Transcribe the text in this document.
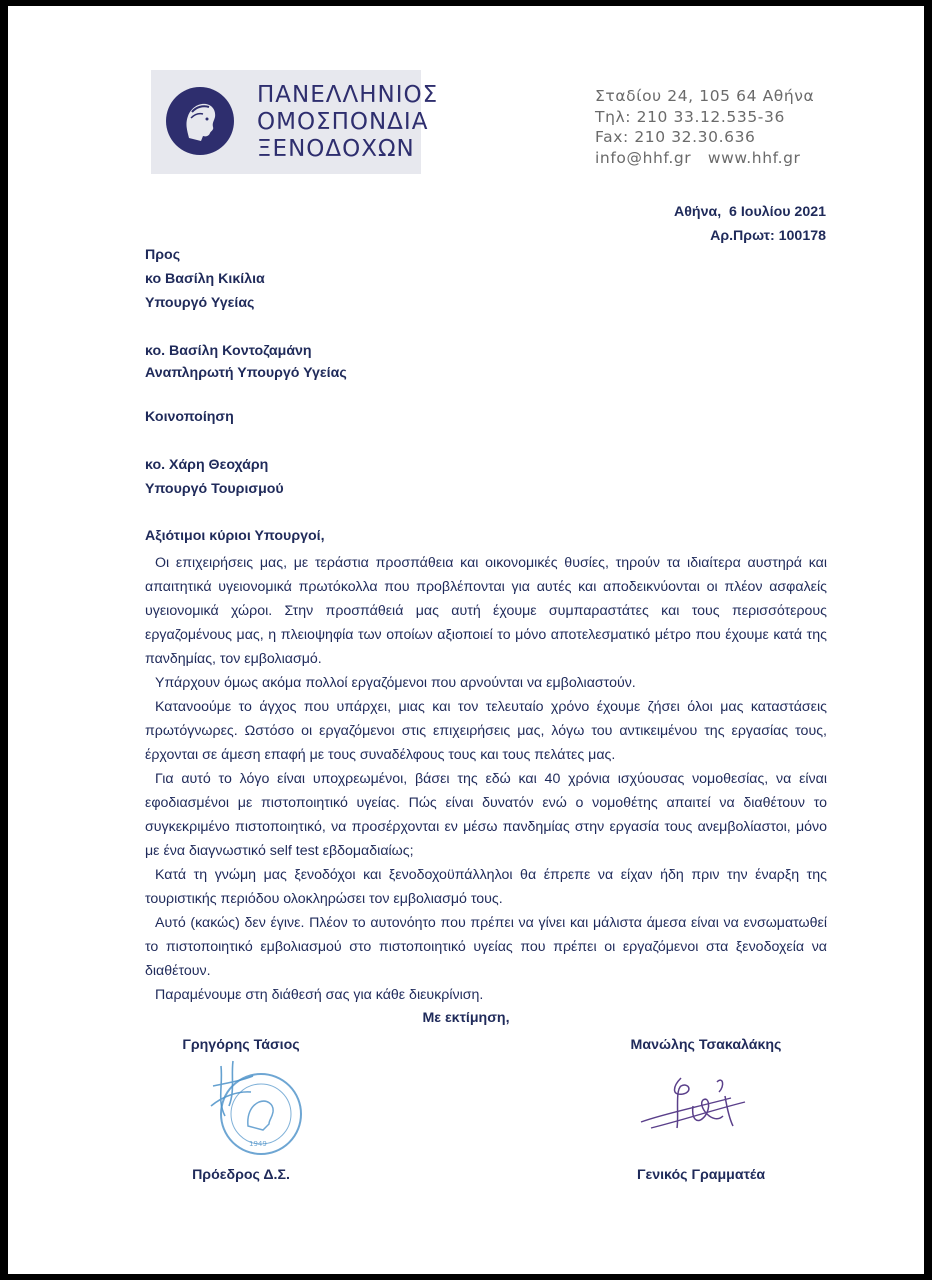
ΠΑΝΕΛΛΗΝΙΟΣ
ΟΜΟΣΠΟΝΔΙΑ
ΞΕΝΟΔΟΧΩΝ
Σταδίου 24, 105 64 Αθήνα
Τηλ: 210 33.12.535-36
Fax: 210 32.30.636
info@hhf.gr   www.hhf.gr
Αθήνα,  6 Ιουλίου 2021
Αρ.Πρωτ: 100178
Προς
κο Βασίλη Κικίλια
Υπουργό Υγείας
κο. Βασίλη Κοντοζαμάνη
Αναπληρωτή Υπουργό Υγείας
Κοινοποίηση
κο. Χάρη Θεοχάρη
Υπουργό Τουρισμού
Αξιότιμοι κύριοι Υπουργοί,

Οι επιχειρήσεις μας, με τεράστια προσπάθεια και οικονομικές θυσίες, τηρούν τα ιδιαίτερα αυστηρά και απαιτητικά υγειονομικά πρωτόκολλα που προβλέπονται για αυτές και αποδεικνύονται οι πλέον ασφαλείς υγειονομικά χώροι. Στην προσπάθειά μας αυτή έχουμε συμπαραστάτες και τους περισσότερους εργαζομένους μας, η πλειοψηφία των οποίων αξιοποιεί το μόνο αποτελεσματικό μέτρο που έχουμε κατά της πανδημίας, τον εμβολιασμό.

Υπάρχουν όμως ακόμα πολλοί εργαζόμενοι που αρνούνται να εμβολιαστούν.

Κατανοούμε το άγχος που υπάρχει, μιας και τον τελευταίο χρόνο έχουμε ζήσει όλοι μας καταστάσεις πρωτόγνωρες. Ωστόσο οι εργαζόμενοι στις επιχειρήσεις μας, λόγω του αντικειμένου της εργασίας τους, έρχονται σε άμεση επαφή με τους συναδέλφους τους και τους πελάτες μας.

Για αυτό το λόγο είναι υποχρεωμένοι, βάσει της εδώ και 40 χρόνια ισχύουσας νομοθεσίας, να είναι εφοδιασμένοι με πιστοποιητικό υγείας. Πώς είναι δυνατόν ενώ ο νομοθέτης απαιτεί να διαθέτουν το συγκεκριμένο πιστοποιητικό, να προσέρχονται εν μέσω πανδημίας στην εργασία τους ανεμβολίαστοι, μόνο με ένα διαγνωστικό self test εβδομαδιαίως;

Κατά τη γνώμη μας ξενοδόχοι και ξενοδοχοϋπάλληλοι θα έπρεπε να είχαν ήδη πριν την έναρξη της τουριστικής περιόδου ολοκληρώσει τον εμβολιασμό τους.

Αυτό (κακώς) δεν έγινε. Πλέον το αυτονόητο που πρέπει να γίνει και μάλιστα άμεσα είναι να ενσωματωθεί το πιστοποιητικό εμβολιασμού στο πιστοποιητικό υγείας που πρέπει οι εργαζόμενοι στα ξενοδοχεία να διαθέτουν.

Παραμένουμε στη διάθεσή σας για κάθε διευκρίνιση.

Με εκτίμηση,
Γρηγόρης Τάσιος	Μανώλης Τσακαλάκης
1949
Πρόεδρος Δ.Σ.	Γενικός Γραμματέα
